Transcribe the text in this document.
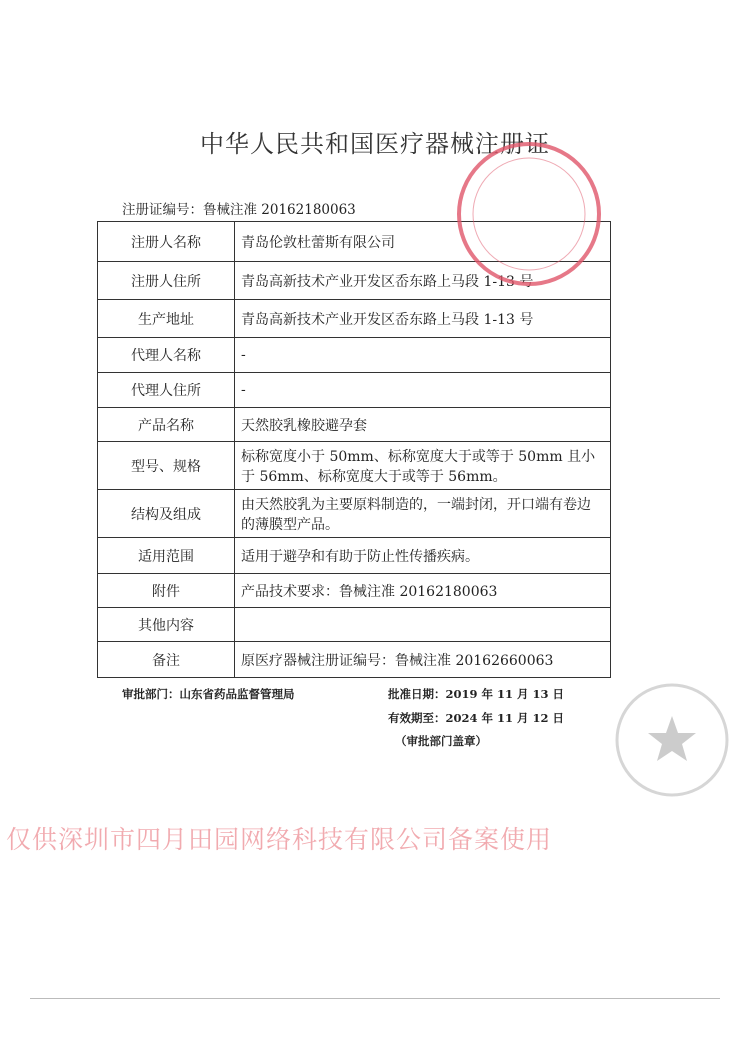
中华人民共和国医疗器械注册证
注册证编号：鲁械注准 20162180063
注册人名称	青岛伦敦杜蕾斯有限公司
注册人住所	青岛高新技术产业开发区岙东路上马段 1-13 号
生产地址	青岛高新技术产业开发区岙东路上马段 1-13 号
代理人名称	-
代理人住所	-
产品名称	天然胶乳橡胶避孕套
型号、规格	标称宽度小于 50mm、标称宽度大于或等于 50mm 且小于 56mm、标称宽度大于或等于 56mm。
结构及组成	由天然胶乳为主要原料制造的，一端封闭，开口端有卷边的薄膜型产品。
适用范围	适用于避孕和有助于防止性传播疾病。
附件	产品技术要求：鲁械注准 20162180063
其他内容	
备注	原医疗器械注册证编号：鲁械注准 20162660063
审批部门：山东省药品监督管理局	批准日期：2019 年 11 月 13 日
有效期至：2024 年 11 月 12 日
（审批部门盖章）
仅供深圳市四月田园网络科技有限公司备案使用
